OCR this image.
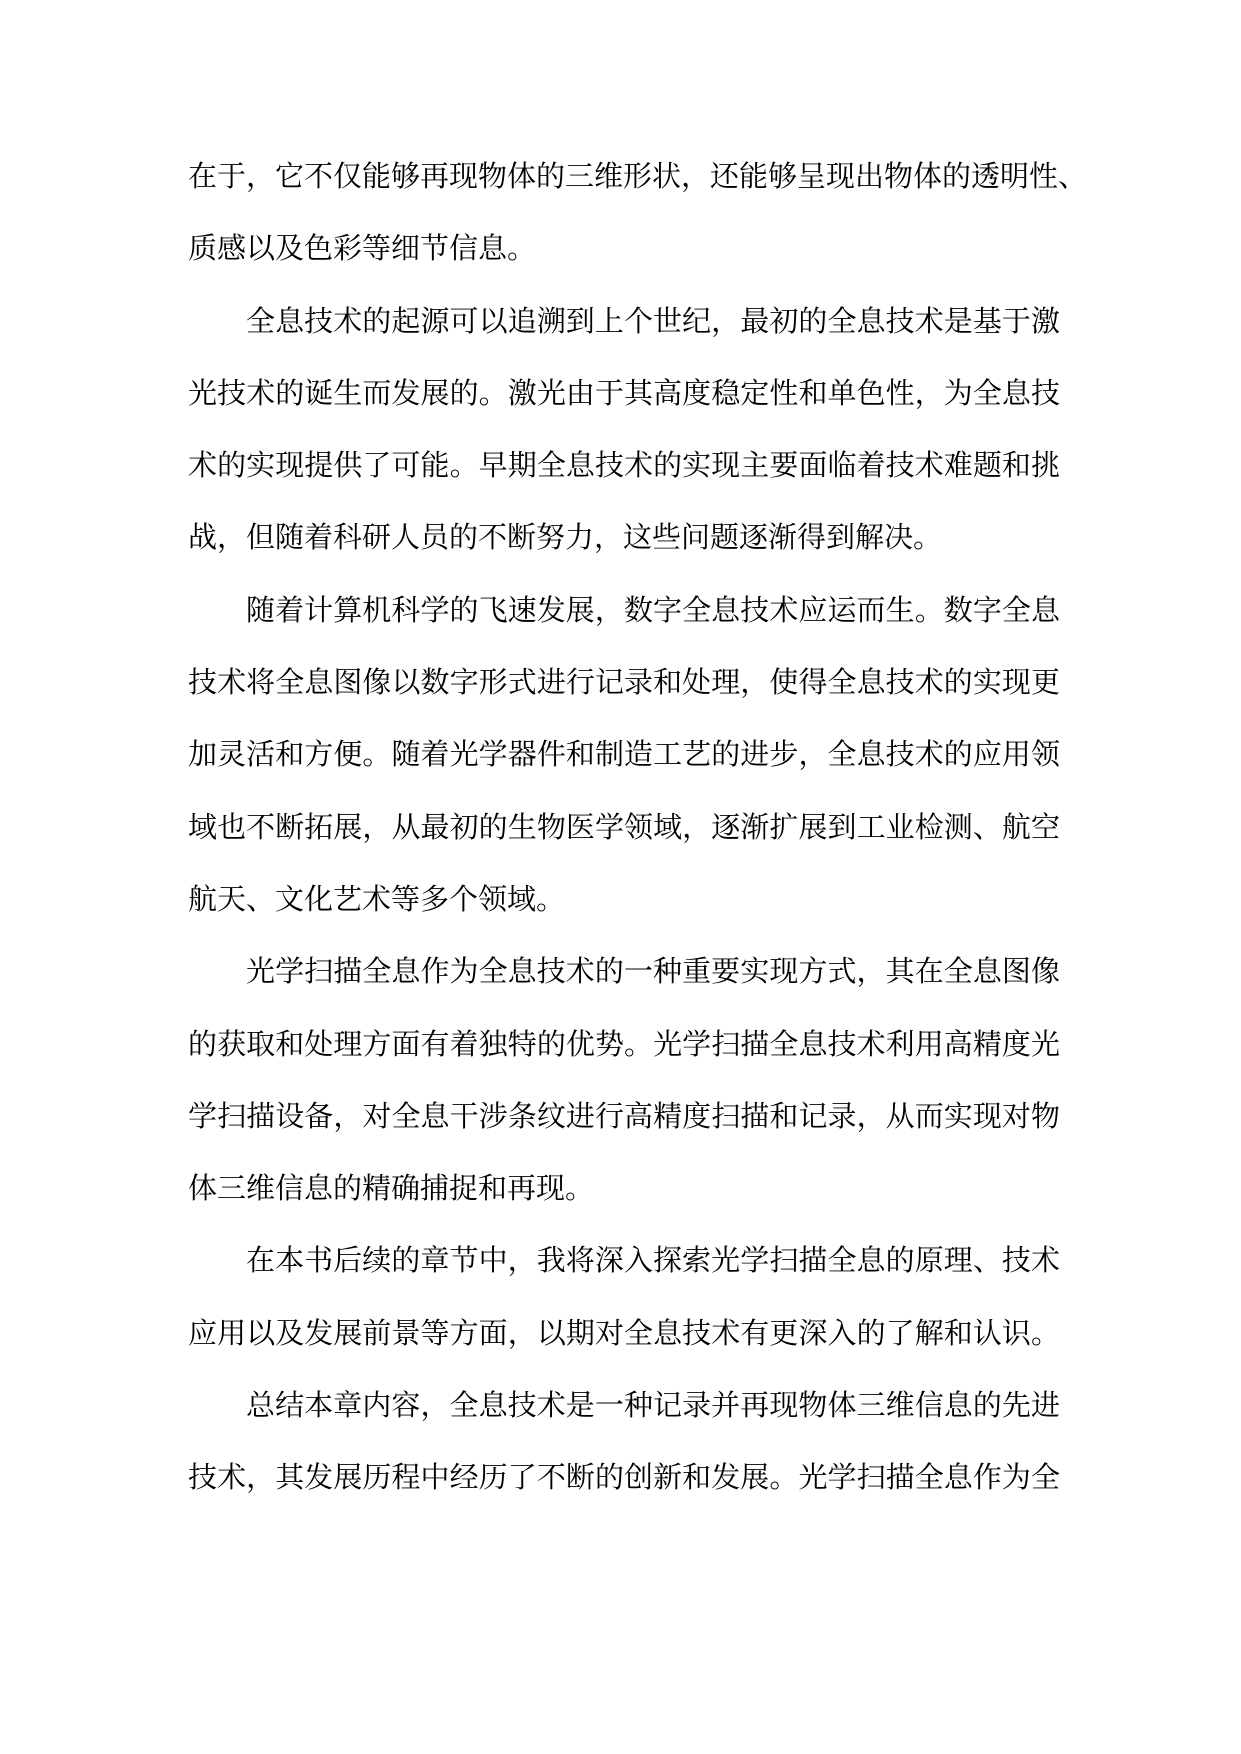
在于，它不仅能够再现物体的三维形状，还能够呈现出物体的透明性、
质感以及色彩等细节信息。
全息技术的起源可以追溯到上个世纪，最初的全息技术是基于激
光技术的诞生而发展的。激光由于其高度稳定性和单色性，为全息技
术的实现提供了可能。早期全息技术的实现主要面临着技术难题和挑
战，但随着科研人员的不断努力，这些问题逐渐得到解决。
随着计算机科学的飞速发展，数字全息技术应运而生。数字全息
技术将全息图像以数字形式进行记录和处理，使得全息技术的实现更
加灵活和方便。随着光学器件和制造工艺的进步，全息技术的应用领
域也不断拓展，从最初的生物医学领域，逐渐扩展到工业检测、航空
航天、文化艺术等多个领域。
光学扫描全息作为全息技术的一种重要实现方式，其在全息图像
的获取和处理方面有着独特的优势。光学扫描全息技术利用高精度光
学扫描设备，对全息干涉条纹进行高精度扫描和记录，从而实现对物
体三维信息的精确捕捉和再现。
在本书后续的章节中，我将深入探索光学扫描全息的原理、技术
应用以及发展前景等方面，以期对全息技术有更深入的了解和认识。
总结本章内容，全息技术是一种记录并再现物体三维信息的先进
技术，其发展历程中经历了不断的创新和发展。光学扫描全息作为全
